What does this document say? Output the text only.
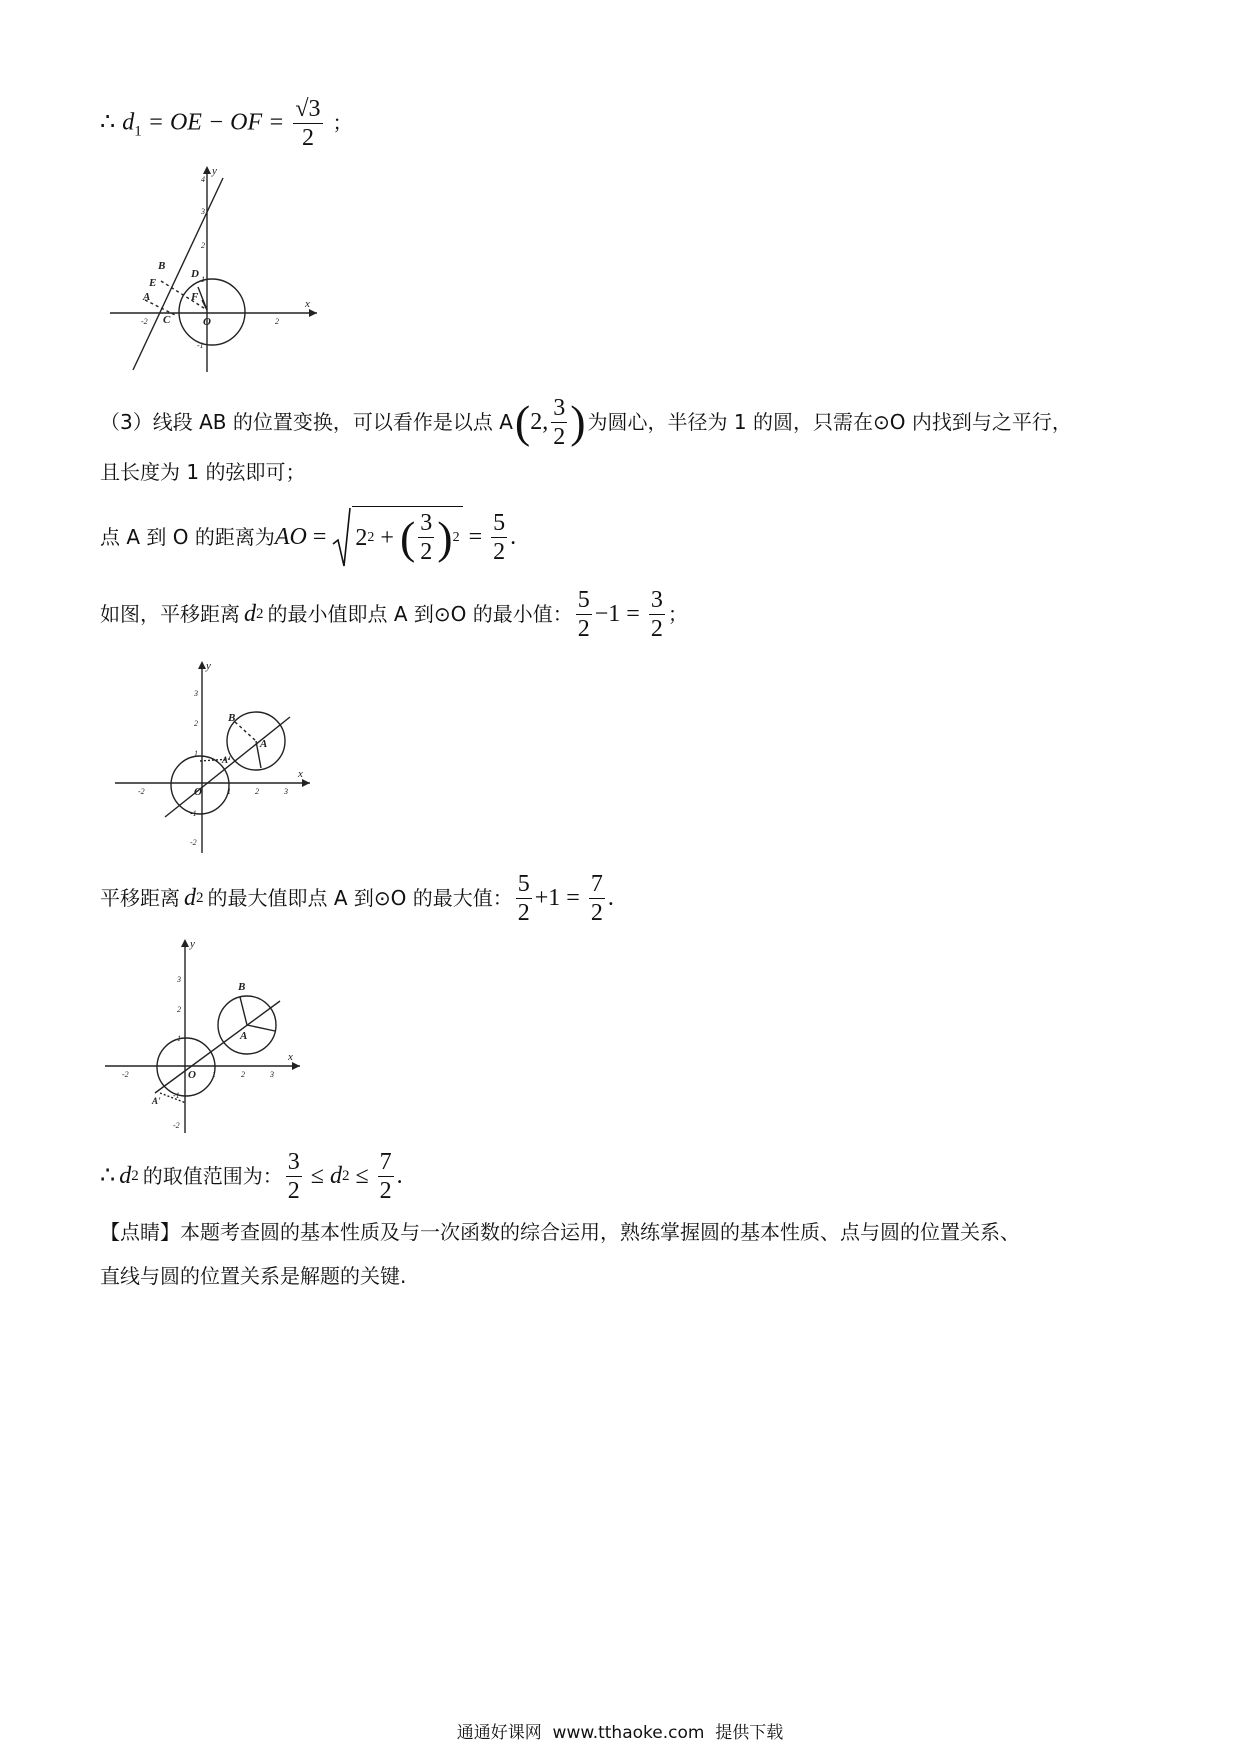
∴ $d_1$ = OE − OF = $\frac{√3}{2}$ ；
y
x
O
A
B
C
D
E
F
4
3
2
1
-1
-2	2
（3）线段 AB 的位置变换，可以看作是以点 A ( 2, $\frac{3}{2}$ ) 为圆心，半径为 1 的圆，只需在⊙O 内找到与之平行，
且长度为 1 的弦即可；
点 A 到 O 的距离为 AO = 2 2 + ( $\frac{3}{2}$ ) $2 = \frac{5}{2}$ .
如图，平移距离 d 2 的最小值即点 A 到⊙O 的最小值： $\frac{5}{2} -1 = \frac{3}{2}$ ；
y
x
O
A
A'
B
3
2
1
-1
-2
-2	1	2	3
平移距离 d 2 的最大值即点 A 到⊙O 的最大值： $\frac{5}{2} +1 = \frac{7}{2}$ .
y
x
O
A
A'
B
3
2
1
-1
-2
-2	1	2	3
∴ d 2 的取值范围为： $\frac{3}{2} \le d$ $2 \le \frac{7}{2}$ .
【点睛】本题考查圆的基本性质及与一次函数的综合运用，熟练掌握圆的基本性质、点与圆的位置关系、
直线与圆的位置关系是解题的关键.
通通好课网  www.tthaoke.com  提供下载
